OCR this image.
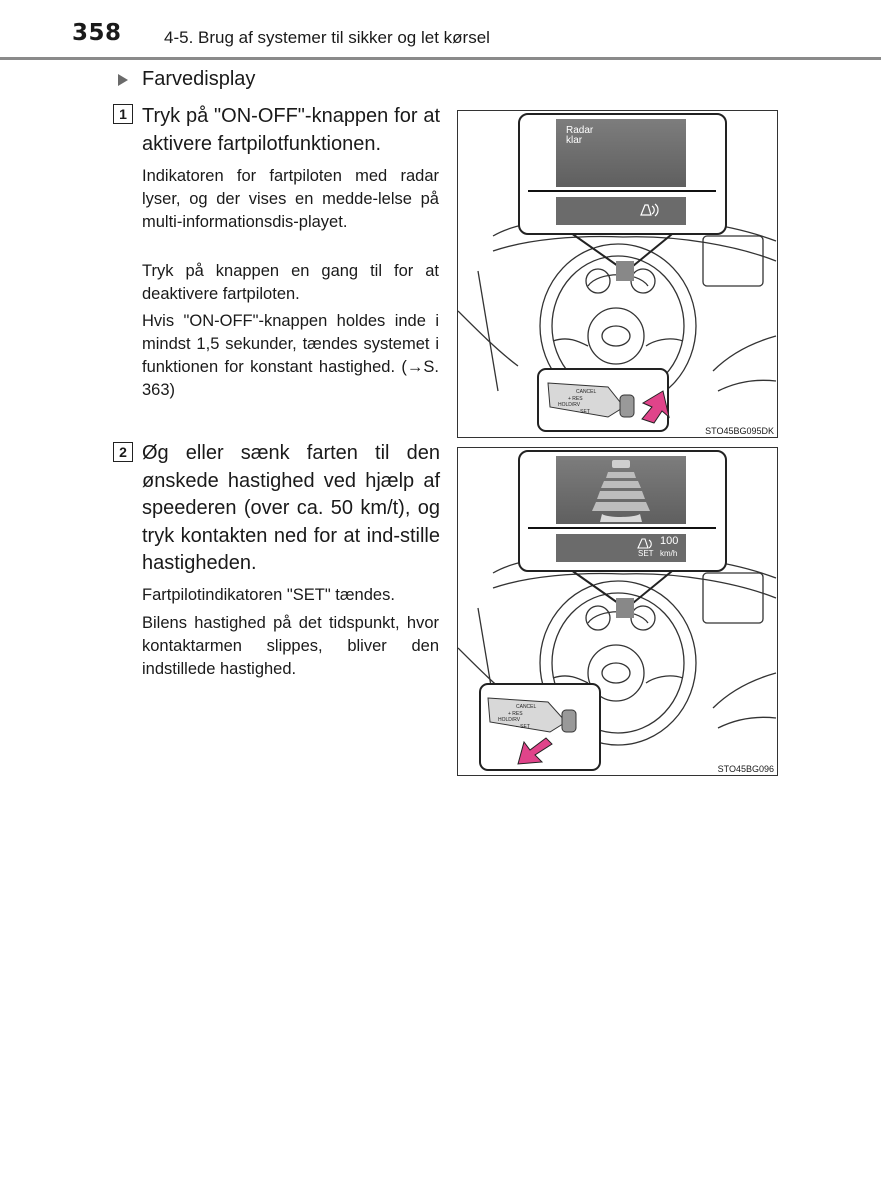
358 4-5. Brug af systemer til sikker og let kørsel
Farvedisplay
1 Tryk på "ON-OFF"-knappen for at aktivere fartpilotfunktionen.
Indikatoren for fartpiloten med radar lyser, og der vises en medde-lelse på multi-informationsdis-playet.
Tryk på knappen en gang til for at deaktivere fartpiloten.
Hvis "ON-OFF"-knappen holdes inde i mindst 1,5 sekunder, tændes systemet i funktionen for konstant hastighed. (→S. 363)
2 Øg eller sænk farten til den ønskede hastighed ved hjælp af speederen (over ca. 50 km/t), og tryk kontakten ned for at ind-stille hastigheden.
Fartpilotindikatoren "SET" tændes.
Bilens hastighed på det tidspunkt, hvor kontaktarmen slippes, bliver den indstillede hastighed.
CANCEL
+ RES
HOLD/RV
– SET
Radar
klar
STO45BG095DK
CANCEL
+ RES
HOLD/RV
– SET
SET
100
km/h
STO45BG096
